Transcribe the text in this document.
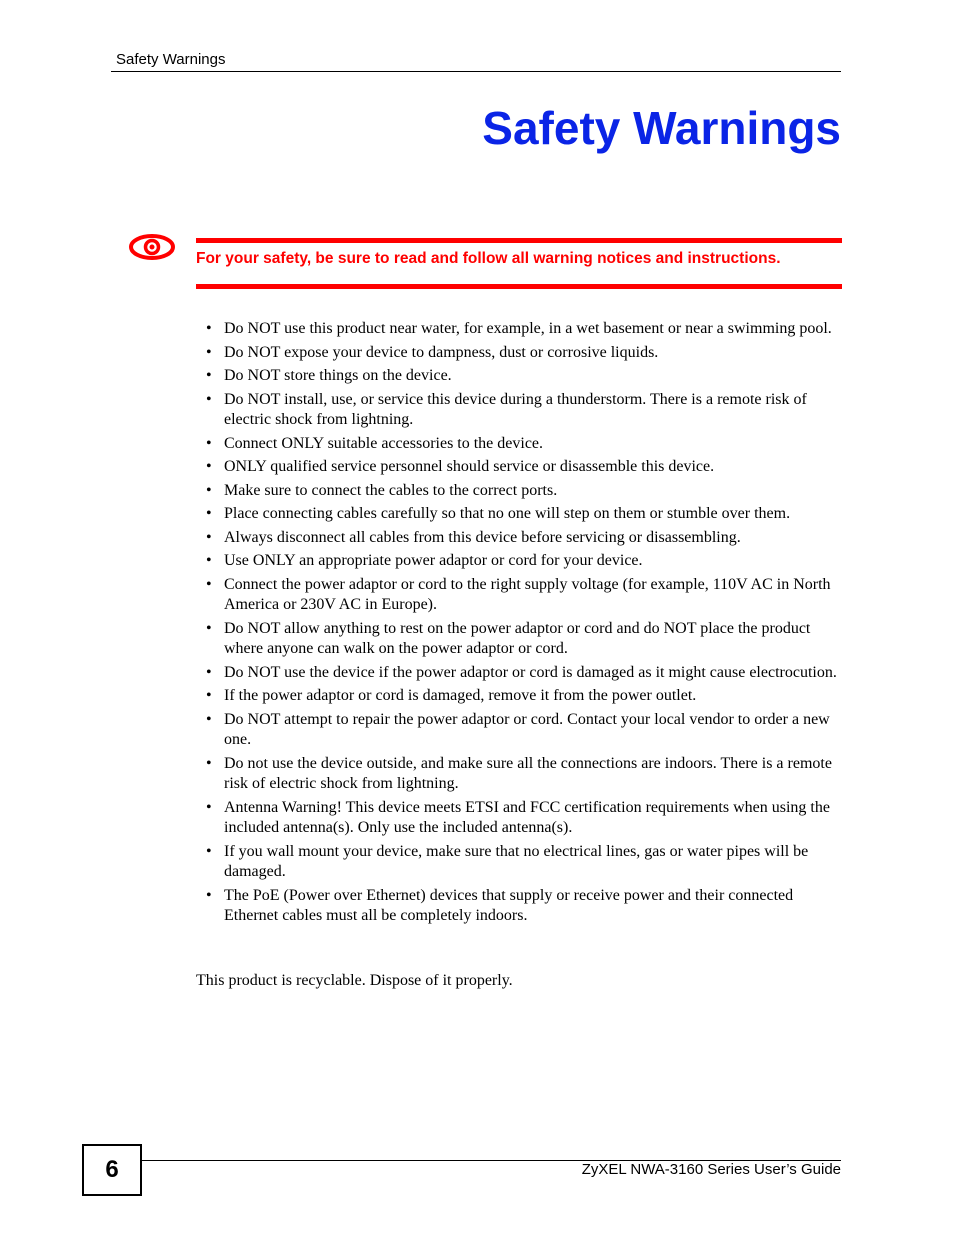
Safety Warnings
Safety Warnings
For your safety, be sure to read and follow all warning notices and instructions.
• Do NOT use this product near water, for example, in a wet basement or near a swimming pool.
• Do NOT expose your device to dampness, dust or corrosive liquids.
• Do NOT store things on the device.
• Do NOT install, use, or service this device during a thunderstorm. There is a remote risk of electric shock from lightning.
• Connect ONLY suitable accessories to the device.
• ONLY qualified service personnel should service or disassemble this device.
• Make sure to connect the cables to the correct ports.
• Place connecting cables carefully so that no one will step on them or stumble over them.
• Always disconnect all cables from this device before servicing or disassembling.
• Use ONLY an appropriate power adaptor or cord for your device.
• Connect the power adaptor or cord to the right supply voltage (for example, 110V AC in North America or 230V AC in Europe).
• Do NOT allow anything to rest on the power adaptor or cord and do NOT place the product where anyone can walk on the power adaptor or cord.
• Do NOT use the device if the power adaptor or cord is damaged as it might cause electrocution.
• If the power adaptor or cord is damaged, remove it from the power outlet.
• Do NOT attempt to repair the power adaptor or cord. Contact your local vendor to order a new one.
• Do not use the device outside, and make sure all the connections are indoors. There is a remote risk of electric shock from lightning.
• Antenna Warning! This device meets ETSI and FCC certification requirements when using the included antenna(s). Only use the included antenna(s).
• If you wall mount your device, make sure that no electrical lines, gas or water pipes will be damaged.
• The PoE (Power over Ethernet) devices that supply or receive power and their connected Ethernet cables must all be completely indoors.
This product is recyclable. Dispose of it properly.
6	ZyXEL NWA-3160 Series User’s Guide
